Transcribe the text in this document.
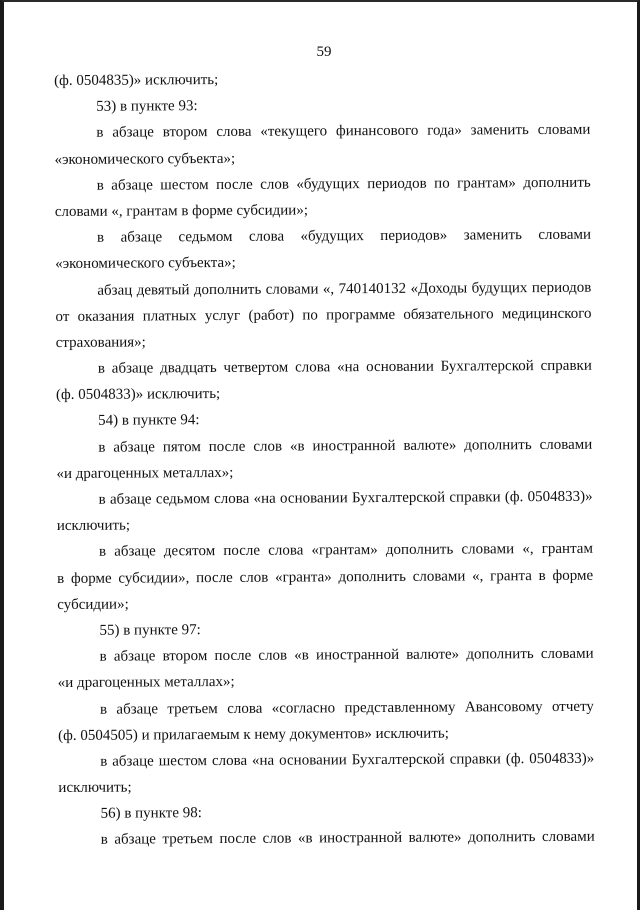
59
(ф. 0504835)» исключить;
53) в пункте 93:
в абзаце втором слова «текущего финансового года» заменить словами
«экономического субъекта»;
в абзаце шестом после слов «будущих периодов по грантам» дополнить
словами «, грантам в форме субсидии»;
в абзаце седьмом слова «будущих периодов» заменить словами
«экономического субъекта»;
абзац девятый дополнить словами «, 740140132 «Доходы будущих периодов
от оказания платных услуг (работ) по программе обязательного медицинского
страхования»;
в абзаце двадцать четвертом слова «на основании Бухгалтерской справки
(ф. 0504833)» исключить;
54) в пункте 94:
в абзаце пятом после слов «в иностранной валюте» дополнить словами
«и драгоценных металлах»;
в абзаце седьмом слова «на основании Бухгалтерской справки (ф. 0504833)»
исключить;
в абзаце десятом после слова «грантам» дополнить словами «, грантам
в форме субсидии», после слов «гранта» дополнить словами «, гранта в форме
субсидии»;
55) в пункте 97:
в абзаце втором после слов «в иностранной валюте» дополнить словами
«и драгоценных металлах»;
в абзаце третьем слова «согласно представленному Авансовому отчету
(ф. 0504505) и прилагаемым к нему документов» исключить;
в абзаце шестом слова «на основании Бухгалтерской справки (ф. 0504833)»
исключить;
56) в пункте 98:
в абзаце третьем после слов «в иностранной валюте» дополнить словами
